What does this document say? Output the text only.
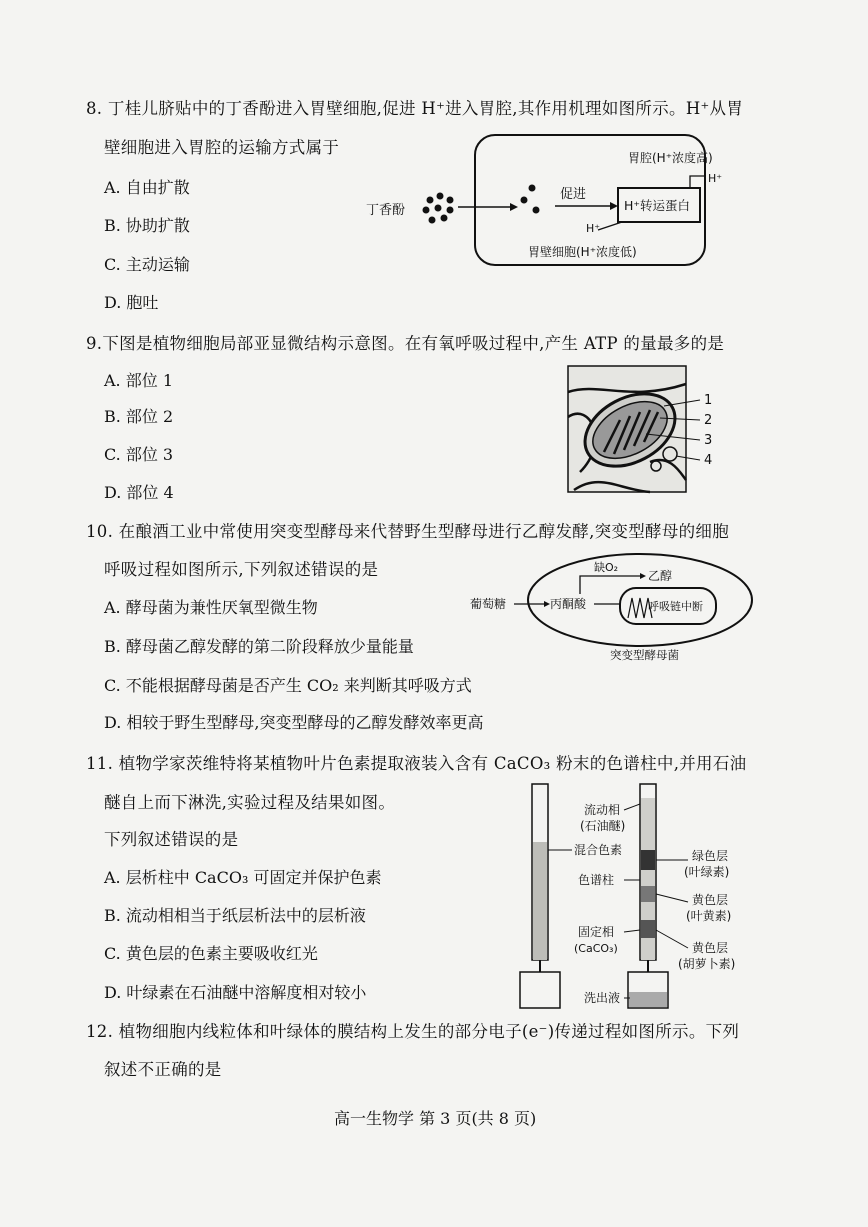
8. 丁桂儿脐贴中的丁香酚进入胃壁细胞,促进 H⁺进入胃腔,其作用机理如图所示。H⁺从胃
壁细胞进入胃腔的运输方式属于
A. 自由扩散
B. 协助扩散
C. 主动运输
D. 胞吐
丁香酚
促进
H⁺转运蛋白
胃腔(H⁺浓度高)
H⁺
H⁺
胃壁细胞(H⁺浓度低)
9.下图是植物细胞局部亚显微结构示意图。在有氧呼吸过程中,产生 ATP 的量最多的是
A. 部位 1
B. 部位 2
C. 部位 3
D. 部位 4
1
2
3
4
10. 在酿酒工业中常使用突变型酵母来代替野生型酵母进行乙醇发酵,突变型酵母的细胞
呼吸过程如图所示,下列叙述错误的是
A. 酵母菌为兼性厌氧型微生物
B. 酵母菌乙醇发酵的第二阶段释放少量能量
C. 不能根据酵母菌是否产生 CO₂ 来判断其呼吸方式
D. 相较于野生型酵母,突变型酵母的乙醇发酵效率更高
葡萄糖	丙酮酸
缺O₂
乙醇
呼吸链中断
突变型酵母菌
11. 植物学家茨维特将某植物叶片色素提取液装入含有 CaCO₃ 粉末的色谱柱中,并用石油
醚自上而下淋洗,实验过程及结果如图。
下列叙述错误的是
A. 层析柱中 CaCO₃ 可固定并保护色素
B. 流动相相当于纸层析法中的层析液
C. 黄色层的色素主要吸收红光
D. 叶绿素在石油醚中溶解度相对较小
流动相
(石油醚)
混合色素
色谱柱
固定相
(CaCO₃)
洗出液
绿色层
(叶绿素)
黄色层
(叶黄素)
黄色层
(胡萝卜素)
12. 植物细胞内线粒体和叶绿体的膜结构上发生的部分电子(e⁻)传递过程如图所示。下列
叙述不正确的是
高一生物学 第 3 页(共 8 页)
